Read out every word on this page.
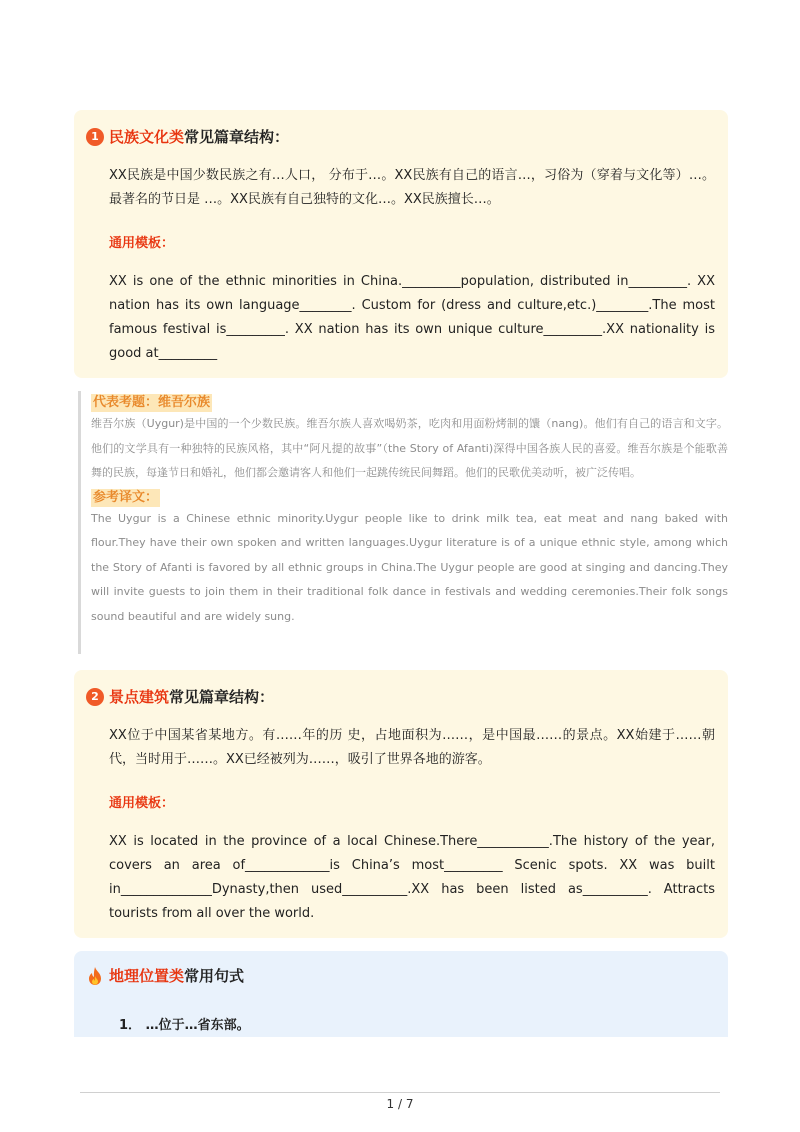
1 民族文化类 常见篇章结构：

XX民族是中国少数民族之有…人口， 分布于…。XX民族有自己的语言…，习俗为（穿着与文化等）…。最著名的节日是 …。XX民族有自己独特的文化…。XX民族擅长…。

通用模板：

XX is one of the ethnic minorities in China._________population, distributed in_________. XX nation has its own language________. Custom for (dress and culture,etc.)________.The most famous festival is_________. XX nation has its own unique culture_________.XX nationality is good at_________

代表考题：维吾尔族

维吾尔族（Uygur)是中国的一个少数民族。维吾尔族人喜欢喝奶茶，吃肉和用面粉烤制的馕（nang)。他们有自己的语言和文字。他们的文学具有一种独特的民族风格，其中“阿凡提的故事”（the Story of Afanti)深得中国各族人民的喜爱。维吾尔族是个能歌善舞的民族，每逢节日和婚礼，他们都会邀请客人和他们一起跳传统民间舞蹈。他们的民歌优美动听，被广泛传唱。

参考译文：

The Uygur is a Chinese ethnic minority.Uygur people like to drink milk tea, eat meat and nang baked with flour.They have their own spoken and written languages.Uygur literature is of a unique ethnic style, among which the Story of Afanti is favored by all ethnic groups in China.The Uygur people are good at singing and dancing.They will invite guests to join them in their traditional folk dance in festivals and wedding ceremonies.Their folk songs sound beautiful and are widely sung.

2 景点建筑 常见篇章结构：

XX位于中国某省某地方。有……年的历 史，占地面积为……，是中国最……的景点。XX始建于……朝代，当时用于……。XX已经被列为……，吸引了世界各地的游客。

通用模板：

XX is located in the province of a local Chinese.There___________.The history of the year, covers an area of_____________is China’s most_________ Scenic spots. XX was built in______________Dynasty,then used__________.XX has been listed as__________. Attracts tourists from all over the world.

地理位置类 常用句式
1． …位于…省东部。
1 / 7
